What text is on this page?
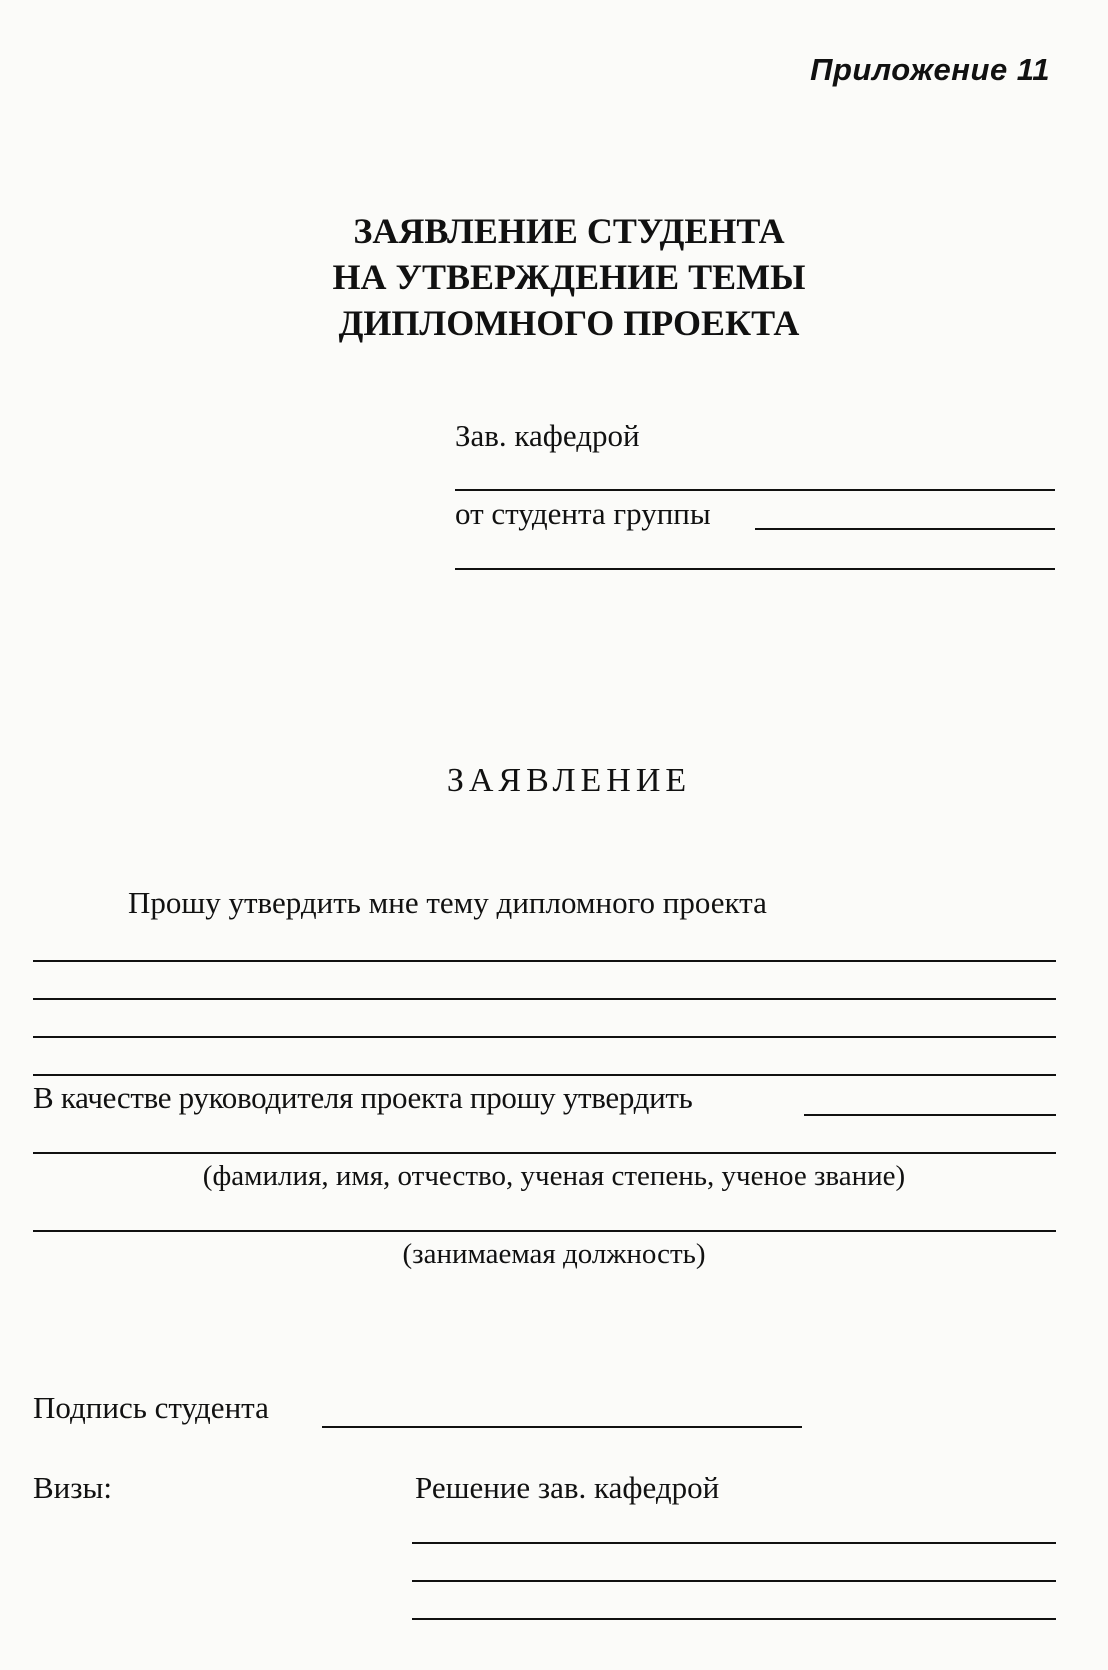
Приложение 11
ЗАЯВЛЕНИЕ СТУДЕНТА
НА УТВЕРЖДЕНИЕ ТЕМЫ
ДИПЛОМНОГО ПРОЕКТА
Зав. кафедрой
от студента группы
ЗАЯВЛЕНИЕ
Прошу утвердить мне тему дипломного проекта
В качестве руководителя проекта прошу утвердить
(фамилия, имя, отчество, ученая степень, ученое звание)
(занимаемая должность)
Подпись студента
Визы:	Решение зав. кафедрой
